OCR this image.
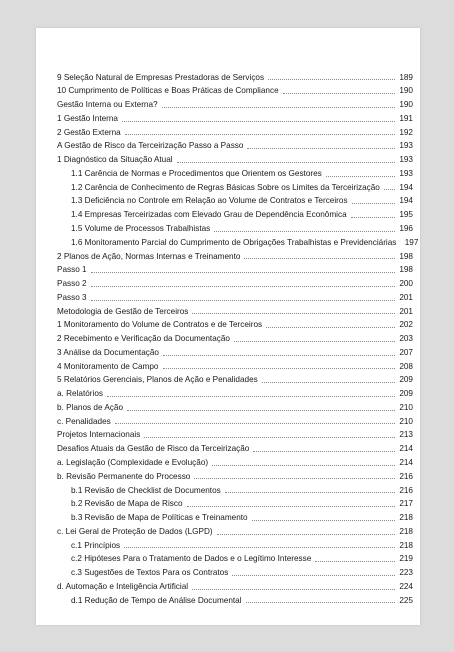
9 Seleção Natural de Empresas Prestadoras de Serviços	189
10 Cumprimento de Políticas e Boas Práticas de Compliance	190
Gestão Interna ou Externa?	190
1 Gestão Interna	191
2 Gestão Externa	192
A Gestão de Risco da Terceirização Passo a Passo	193
1 Diagnóstico da Situação Atual	193
1.1 Carência de Normas e Procedimentos que Orientem os Gestores	193
1.2 Carência de Conhecimento de Regras Básicas Sobre os Limites da Terceirização 194
1.3 Deficiência no Controle em Relação ao Volume de Contratos e Terceiros	194
1.4 Empresas Terceirizadas com Elevado Grau de Dependência Econômica	195
1.5 Volume de Processos Trabalhistas	196
1.6 Monitoramento Parcial do Cumprimento de Obrigações Trabalhistas e Previdenciárias 197
2 Planos de Ação, Normas Internas e Treinamento	198
Passo 1	198
Passo 2	200
Passo 3	201
Metodologia de Gestão de Terceiros	201
1 Monitoramento do Volume de Contratos e de Terceiros	202
2 Recebimento e Verificação da Documentação	203
3 Análise da Documentação	207
4 Monitoramento de Campo	208
5 Relatórios Gerenciais, Planos de Ação e Penalidades	209
a. Relatórios	209
b. Planos de Ação	210
c. Penalidades	210
Projetos Internacionais	213
Desafios Atuais da Gestão de Risco da Terceirização	214
a. Legislação (Complexidade e Evolução)	214
b. Revisão Permanente do Processo	216
b.1 Revisão de Checklist de Documentos	216
b.2 Revisão de Mapa de Risco	217
b.3 Revisão de Mapa de Políticas e Treinamento	218
c. Lei Geral de Proteção de Dados (LGPD)	218
c.1 Princípios	218
c.2 Hipóteses Para o Tratamento de Dados e o Legítimo Interesse	219
c.3 Sugestões de Textos Para os Contratos	223
d. Automação e Inteligência Artificial	224
d.1 Redução de Tempo de Análise Documental	225
